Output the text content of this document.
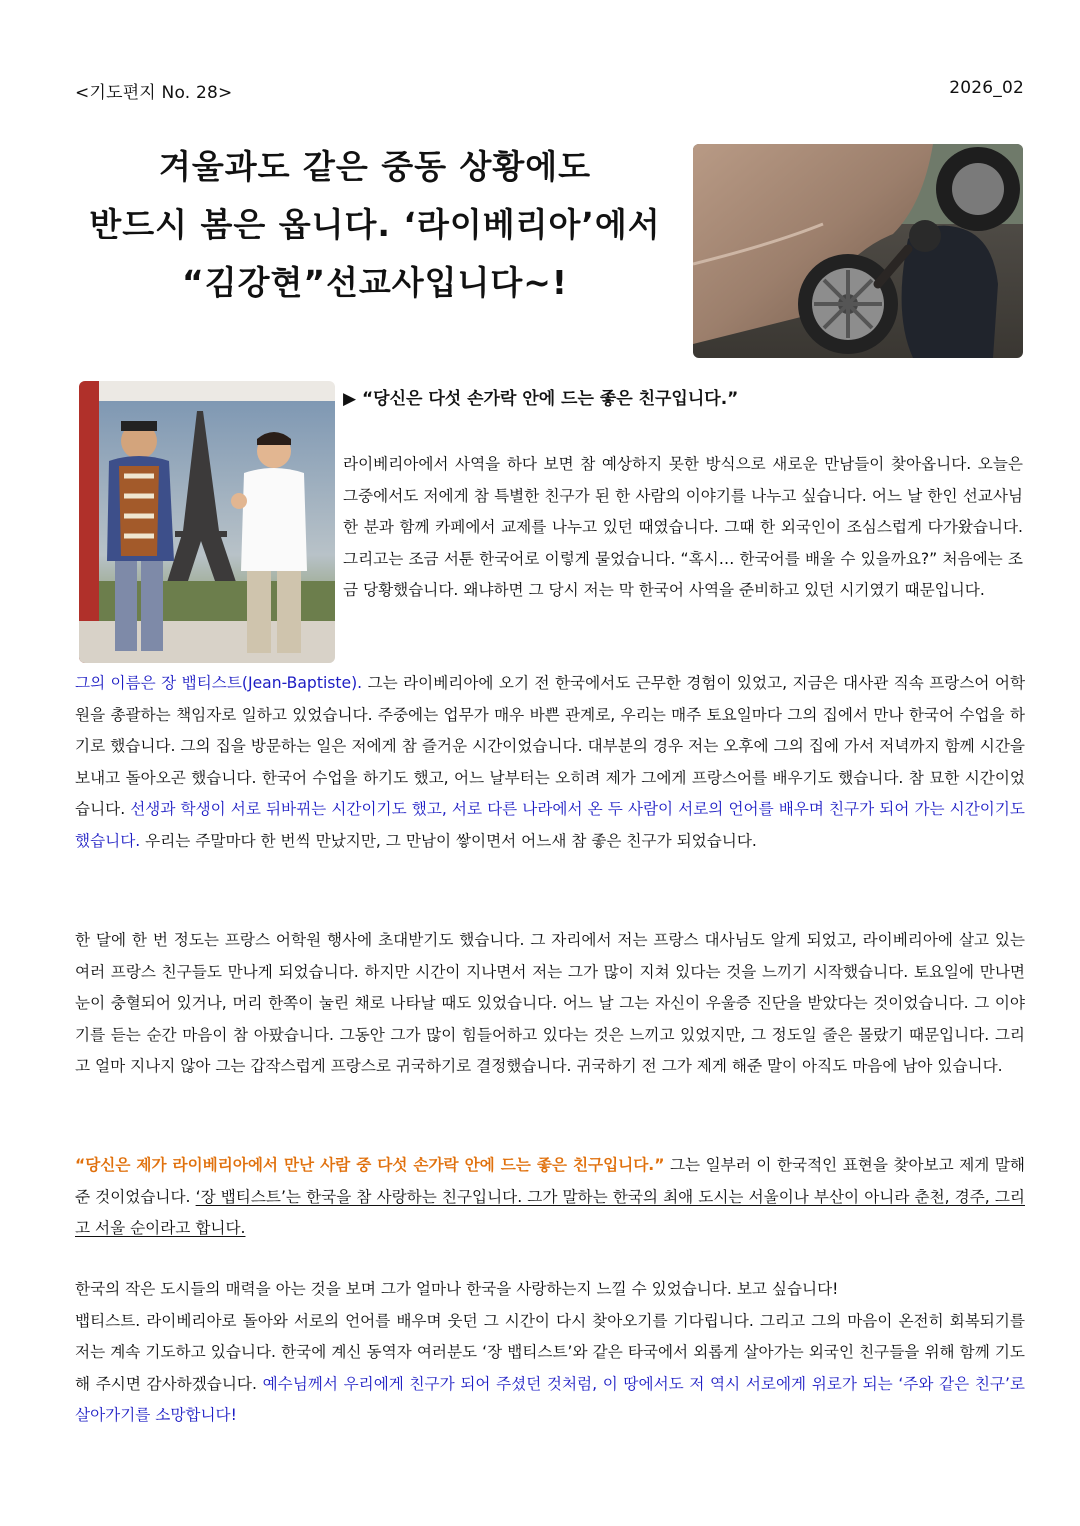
<기도편지 No. 28>	2026_02
겨울과도 같은 중동 상황에도
반드시 봄은 옵니다. ‘라이베리아’에서
“김강현”선교사입니다~!
▶ “당신은 다섯 손가락 안에 드는 좋은 친구입니다.”
라이베리아에서 사역을 하다 보면 참 예상하지 못한 방식으로 새로운 만남들이 찾아옵니다. 오늘은 그중에서도 저에게 참 특별한 친구가 된 한 사람의 이야기를 나누고 싶습니다. 어느 날 한인 선교사님 한 분과 함께 카페에서 교제를 나누고 있던 때였습니다. 그때 한 외국인이 조심스럽게 다가왔습니다. 그리고는 조금 서툰 한국어로 이렇게 물었습니다. “혹시… 한국어를 배울 수 있을까요?” 처음에는 조금 당황했습니다. 왜냐하면 그 당시 저는 막 한국어 사역을 준비하고 있던 시기였기 때문입니다.
그의 이름은 장 뱁티스트(Jean-Baptiste). 그는 라이베리아에 오기 전 한국에서도 근무한 경험이 있었고, 지금은 대사관 직속 프랑스어 어학원을 총괄하는 책임자로 일하고 있었습니다. 주중에는 업무가 매우 바쁜 관계로, 우리는 매주 토요일마다 그의 집에서 만나 한국어 수업을 하기로 했습니다. 그의 집을 방문하는 일은 저에게 참 즐거운 시간이었습니다. 대부분의 경우 저는 오후에 그의 집에 가서 저녁까지 함께 시간을 보내고 돌아오곤 했습니다. 한국어 수업을 하기도 했고, 어느 날부터는 오히려 제가 그에게 프랑스어를 배우기도 했습니다. 참 묘한 시간이었습니다. 선생과 학생이 서로 뒤바뀌는 시간이기도 했고, 서로 다른 나라에서 온 두 사람이 서로의 언어를 배우며 친구가 되어 가는 시간이기도 했습니다. 우리는 주말마다 한 번씩 만났지만, 그 만남이 쌓이면서 어느새 참 좋은 친구가 되었습니다.
한 달에 한 번 정도는 프랑스 어학원 행사에 초대받기도 했습니다. 그 자리에서 저는 프랑스 대사님도 알게 되었고, 라이베리아에 살고 있는 여러 프랑스 친구들도 만나게 되었습니다. 하지만 시간이 지나면서 저는 그가 많이 지쳐 있다는 것을 느끼기 시작했습니다. 토요일에 만나면 눈이 충혈되어 있거나, 머리 한쪽이 눌린 채로 나타날 때도 있었습니다. 어느 날 그는 자신이 우울증 진단을 받았다는 것이었습니다. 그 이야기를 듣는 순간 마음이 참 아팠습니다. 그동안 그가 많이 힘들어하고 있다는 것은 느끼고 있었지만, 그 정도일 줄은 몰랐기 때문입니다. 그리고 얼마 지나지 않아 그는 갑작스럽게 프랑스로 귀국하기로 결정했습니다. 귀국하기 전 그가 제게 해준 말이 아직도 마음에 남아 있습니다.
“당신은 제가 라이베리아에서 만난 사람 중 다섯 손가락 안에 드는 좋은 친구입니다.” 그는 일부러 이 한국적인 표현을 찾아보고 제게 말해 준 것이었습니다. ‘장 뱁티스트’는 한국을 참 사랑하는 친구입니다. 그가 말하는 한국의 최애 도시는 서울이나 부산이 아니라 춘천, 경주, 그리고 서울 순이라고 합니다.
한국의 작은 도시들의 매력을 아는 것을 보며 그가 얼마나 한국을 사랑하는지 느낄 수 있었습니다. 보고 싶습니다!
뱁티스트. 라이베리아로 돌아와 서로의 언어를 배우며 웃던 그 시간이 다시 찾아오기를 기다립니다. 그리고 그의 마음이 온전히 회복되기를 저는 계속 기도하고 있습니다. 한국에 계신 동역자 여러분도 ‘장 뱁티스트’와 같은 타국에서 외롭게 살아가는 외국인 친구들을 위해 함께 기도해 주시면 감사하겠습니다. 예수님께서 우리에게 친구가 되어 주셨던 것처럼, 이 땅에서도 저 역시 서로에게 위로가 되는 ‘주와 같은 친구’로 살아가기를 소망합니다!
